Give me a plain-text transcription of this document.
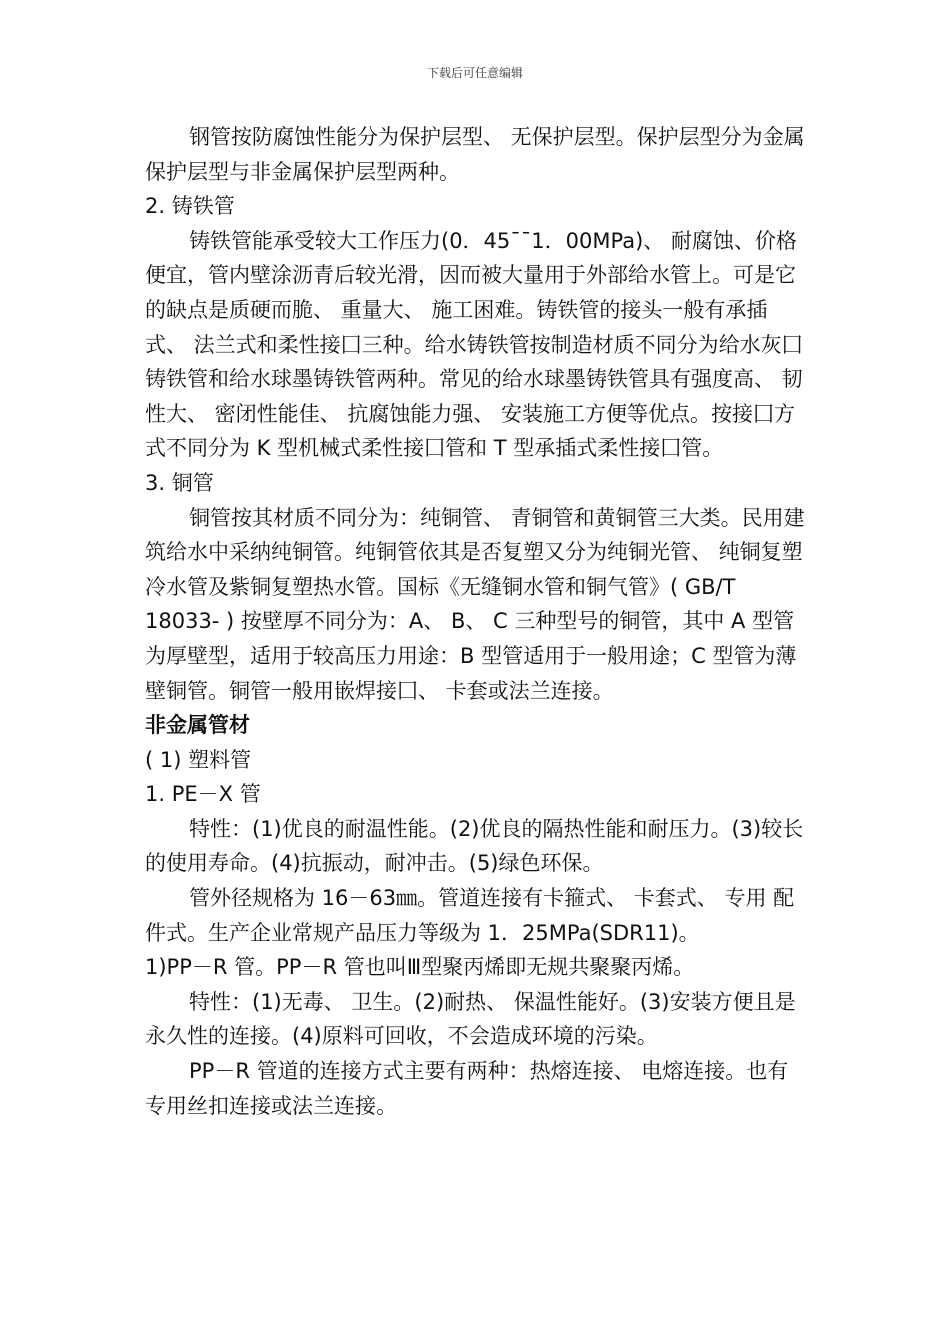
下载后可任意编辑

钢管按防腐蚀性能分为保护层型、 无保护层型。保护层型分为金属保护层型与非金属保护层型两种。

2. 铸铁管

铸铁管能承受较大工作压力(0．45¯¯1．00MPa)、 耐腐蚀、价格便宜，管内壁涂沥青后较光滑，因而被大量用于外部给水管上。可是它的缺点是质硬而脆、 重量大、 施工困难。铸铁管的接头一般有承插式、 法兰式和柔性接囗三种。给水铸铁管按制造材质不同分为给水灰囗铸铁管和给水球墨铸铁管两种。常见的给水球墨铸铁管具有强度高、 韧性大、 密闭性能佳、 抗腐蚀能力强、 安装施工方便等优点。按接囗方式不同分为 K 型机械式柔性接囗管和 T 型承插式柔性接囗管。

3. 铜管

铜管按其材质不同分为：纯铜管、 青铜管和黄铜管三大类。民用建筑给水中采纳纯铜管。纯铜管依其是否复塑又分为纯铜光管、 纯铜复塑冷水管及紫铜复塑热水管。国标《无缝铜水管和铜气管》( GB/T 18033- ) 按壁厚不同分为：A、 B、 C 三种型号的铜管，其中 A 型管为厚壁型，适用于较高压力用途：B 型管适用于一般用途；C 型管为薄壁铜管。铜管一般用嵌焊接囗、 卡套或法兰连接。

非金属管材

( 1) 塑料管

1. PE－X 管

特性：(1)优良的耐温性能。(2)优良的隔热性能和耐压力。(3)较长的使用寿命。(4)抗振动，耐冲击。(5)绿色环保。

管外径规格为 16－63㎜。管道连接有卡箍式、 卡套式、 专用 配件式。生产企业常规产品压力等级为 1．25MPa(SDR11)。

1)PP－R 管。PP－R 管也叫Ⅲ型聚丙烯即无规共聚聚丙烯。

特性：(1)无毒、 卫生。(2)耐热、 保温性能好。(3)安装方便且是永久性的连接。(4)原料可回收，不会造成环境的污染。

PP－R 管道的连接方式主要有两种：热熔连接、 电熔连接。也有专用丝扣连接或法兰连接。
